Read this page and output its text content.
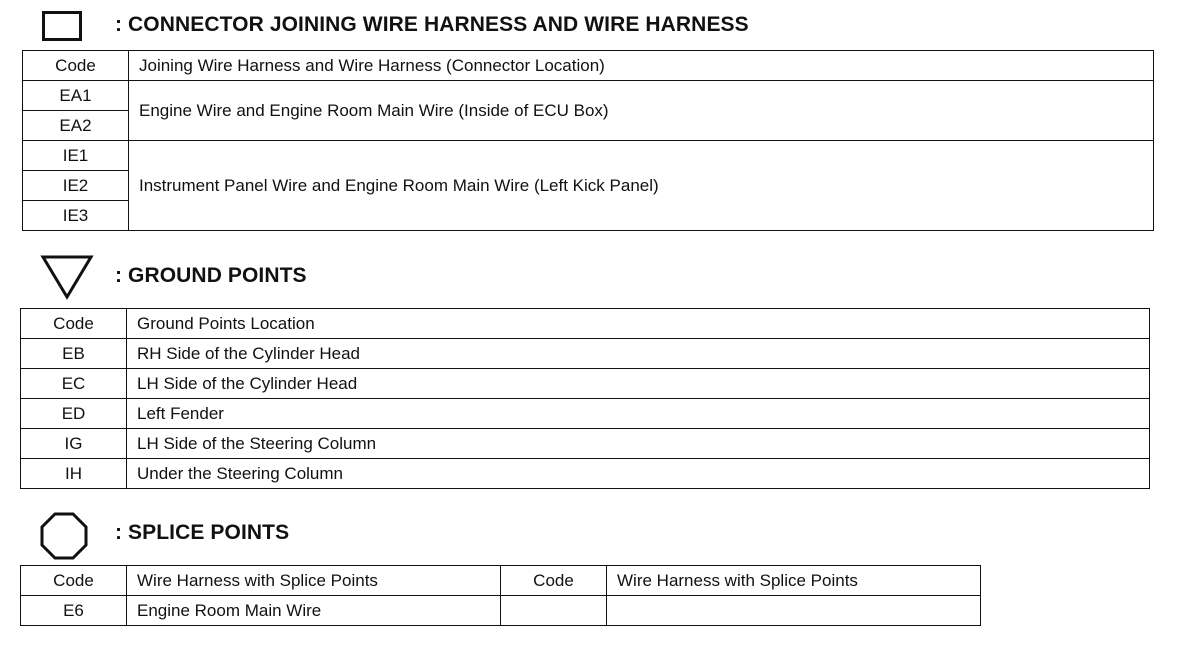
: CONNECTOR JOINING WIRE HARNESS AND WIRE HARNESS
Code	Joining Wire Harness and Wire Harness (Connector Location)
EA1	Engine Wire and Engine Room Main Wire (Inside of ECU Box)
EA2	
IE1	Instrument Panel Wire and Engine Room Main Wire (Left Kick Panel)
IE2	
IE3	
: GROUND POINTS
Code	Ground Points Location
EB	RH Side of the Cylinder Head
EC	LH Side of the Cylinder Head
ED	Left Fender
IG	LH Side of the Steering Column
IH	Under the Steering Column
: SPLICE POINTS
Code	Wire Harness with Splice Points	Code	Wire Harness with Splice Points
E6	Engine Room Main Wire		
